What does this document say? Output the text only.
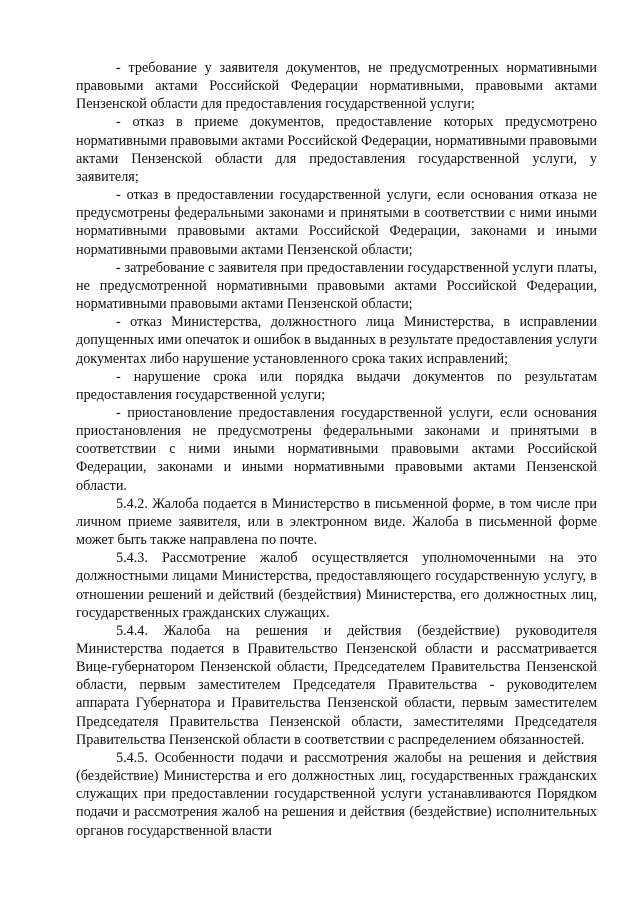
- требование у заявителя документов, не предусмотренных нормативными правовыми актами Российской Федерации нормативными, правовыми актами Пензенской области для предоставления государственной услуги;

- отказ в приеме документов, предоставление которых предусмотрено нормативными правовыми актами Российской Федерации, нормативными правовыми актами Пензенской области для предоставления государственной услуги, у заявителя;

- отказ в предоставлении государственной услуги, если основания отказа не предусмотрены федеральными законами и принятыми в соответствии с ними иными нормативными правовыми актами Российской Федерации, законами и иными нормативными правовыми актами Пензенской области;

- затребование с заявителя при предоставлении государственной услуги платы, не предусмотренной нормативными правовыми актами Российской Федерации, нормативными правовыми актами Пензенской области;

- отказ Министерства, должностного лица Министерства, в исправлении допущенных ими опечаток и ошибок в выданных в результате предоставления услуги документах либо нарушение установленного срока таких исправлений;

- нарушение срока или порядка выдачи документов по результатам предоставления государственной услуги;

- приостановление предоставления государственной услуги, если основания приостановления не предусмотрены федеральными законами и принятыми в соответствии с ними иными нормативными правовыми актами Российской Федерации, законами и иными нормативными правовыми актами Пензенской области.

5.4.2. Жалоба подается в Министерство в письменной форме, в том числе при личном приеме заявителя, или в электронном виде. Жалоба в письменной форме может быть также направлена по почте.

5.4.3. Рассмотрение жалоб осуществляется уполномоченными на это должностными лицами Министерства, предоставляющего государственную услугу, в отношении решений и действий (бездействия) Министерства, его должностных лиц, государственных гражданских служащих.

5.4.4. Жалоба на решения и действия (бездействие) руководителя Министерства подается в Правительство Пензенской области и рассматривается Вице-губернатором Пензенской области, Председателем Правительства Пензенской области, первым заместителем Председателя Правительства - руководителем аппарата Губернатора и Правительства Пензенской области, первым заместителем Председателя Правительства Пензенской области, заместителями Председателя Правительства Пензенской области в соответствии с распределением обязанностей.

5.4.5. Особенности подачи и рассмотрения жалобы на решения и действия (бездействие) Министерства и его должностных лиц, государственных гражданских служащих при предоставлении государственной услуги устанавливаются Порядком подачи и рассмотрения жалоб на решения и действия (бездействие) исполнительных органов государственной власти
